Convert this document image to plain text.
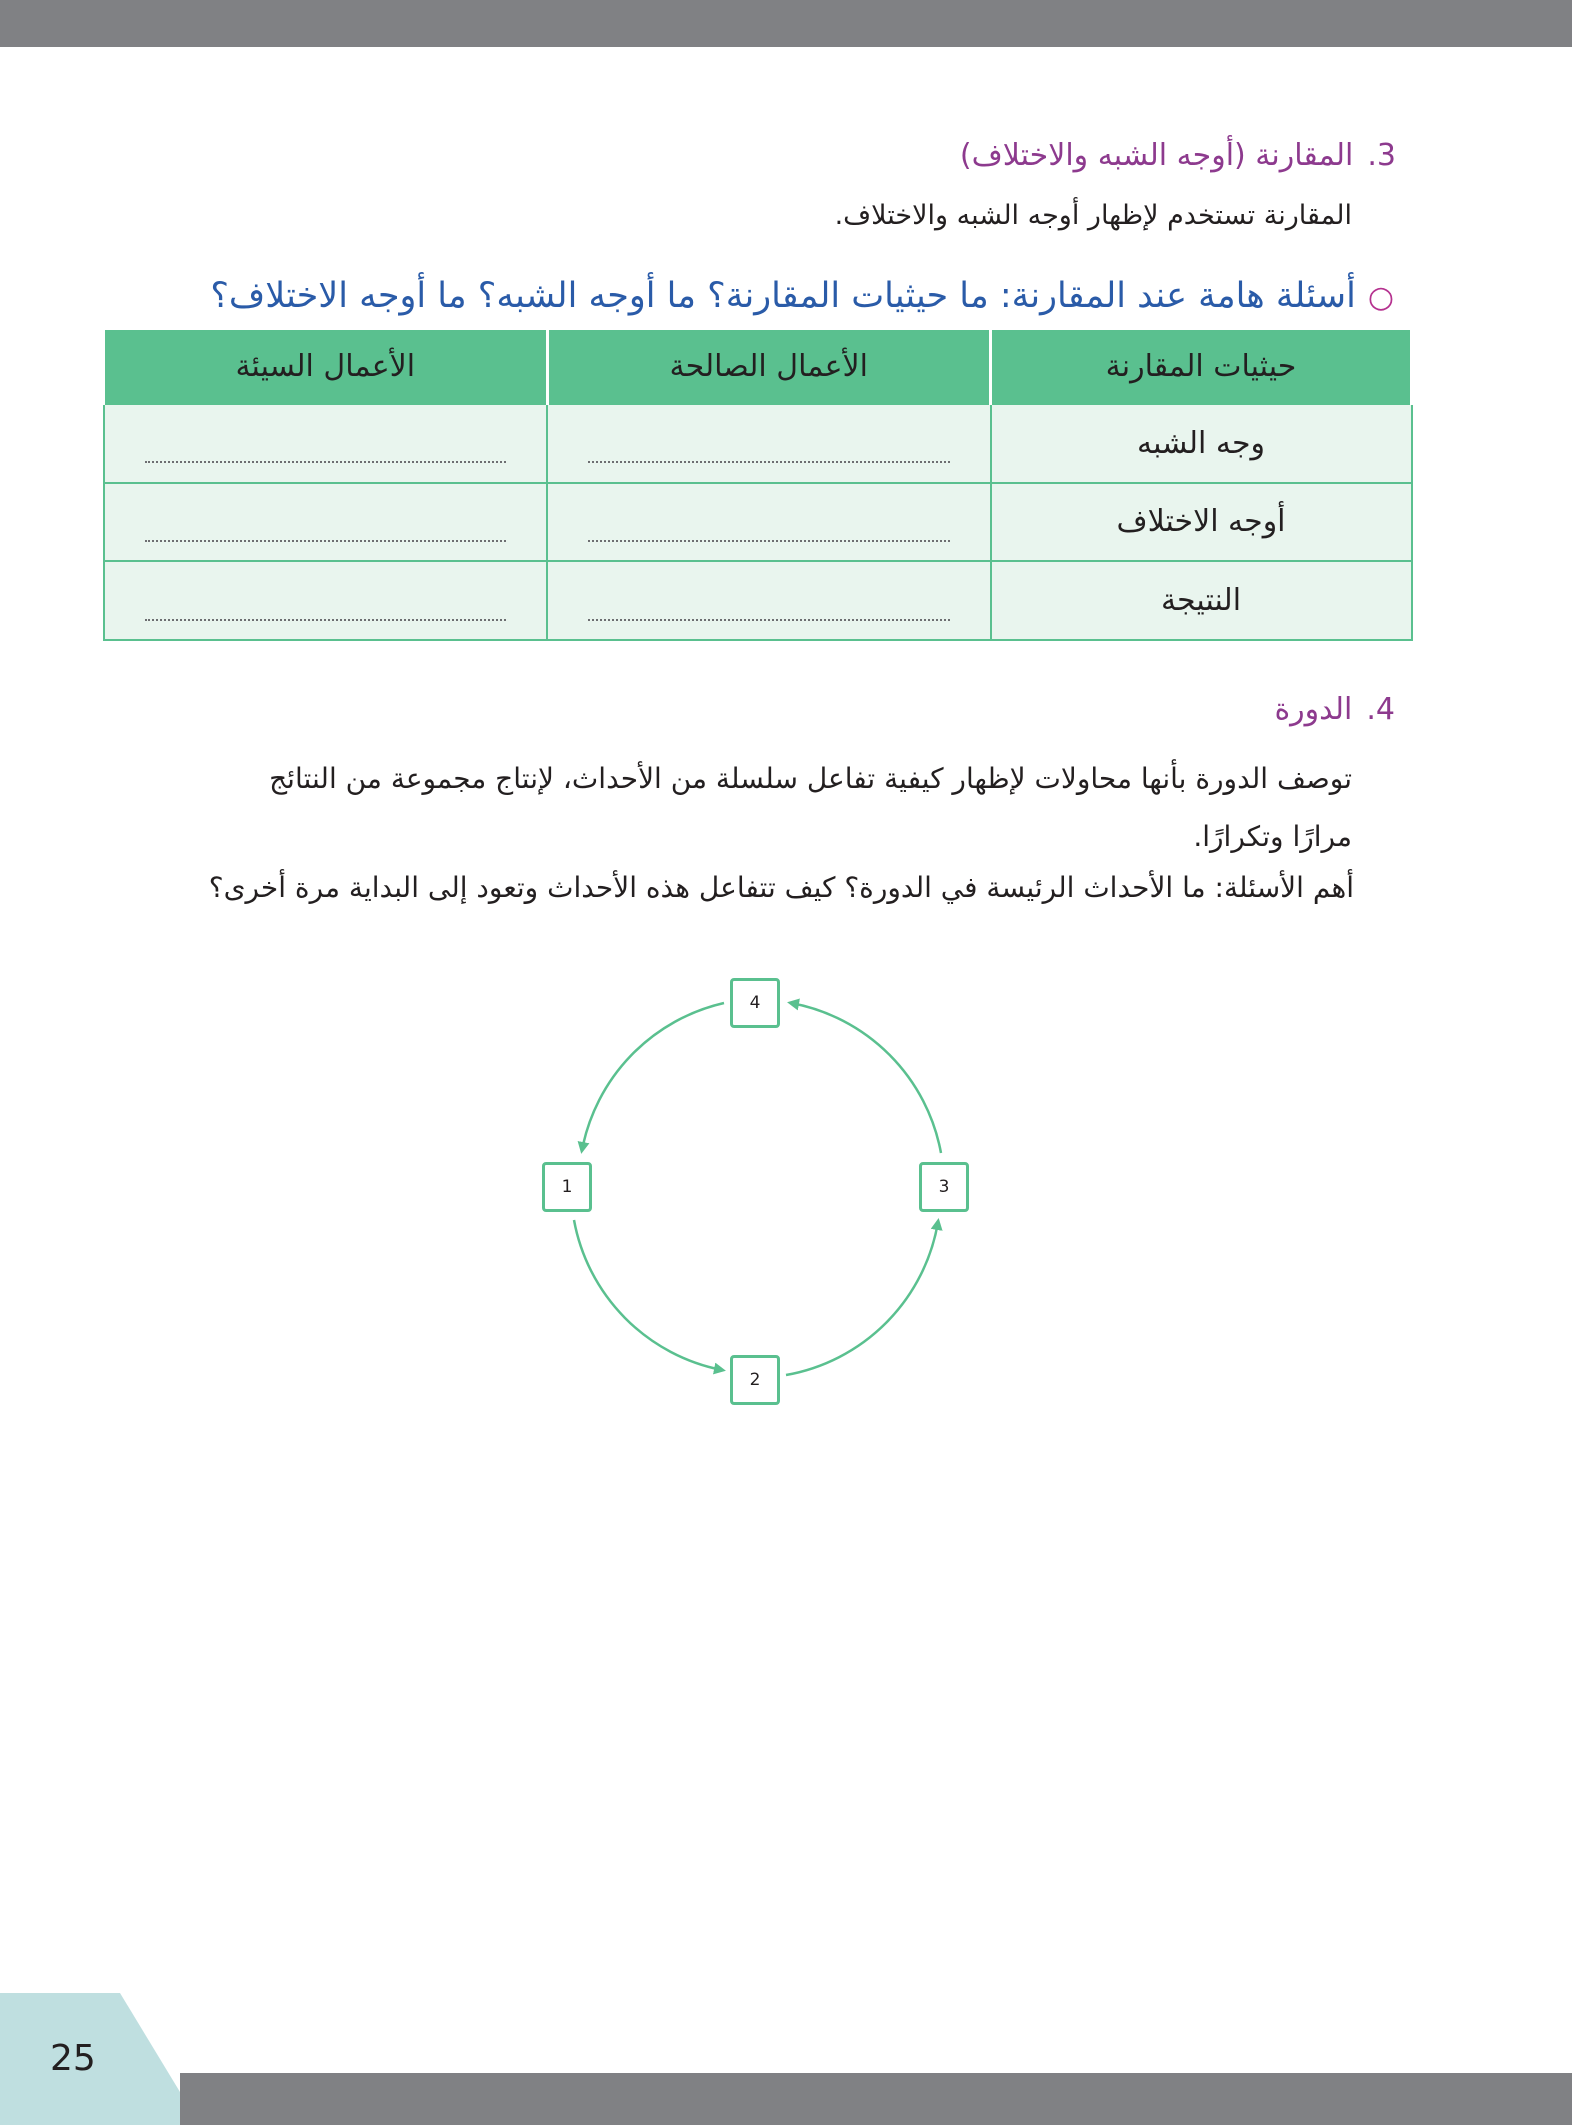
3.المقارنة (أوجه الشبه والاختلاف)
المقارنة تستخدم لإظهار أوجه الشبه والاختلاف.
○أسئلة هامة عند المقارنة: ما حيثيات المقارنة؟ ما أوجه الشبه؟ ما أوجه الاختلاف؟
حيثيات المقارنة	الأعمال الصالحة	الأعمال السيئة
وجه الشبه	

أوجه الاختلاف	

النتيجة	

4.الدورة
توصف الدورة بأنها محاولات لإظهار كيفية تفاعل سلسلة من الأحداث، لإنتاج مجموعة من النتائج
مرارًا وتكرارًا.
أهم الأسئلة: ما الأحداث الرئيسة في الدورة؟ كيف تتفاعل هذه الأحداث وتعود إلى البداية مرة أخرى؟
1
2
3
4
25
